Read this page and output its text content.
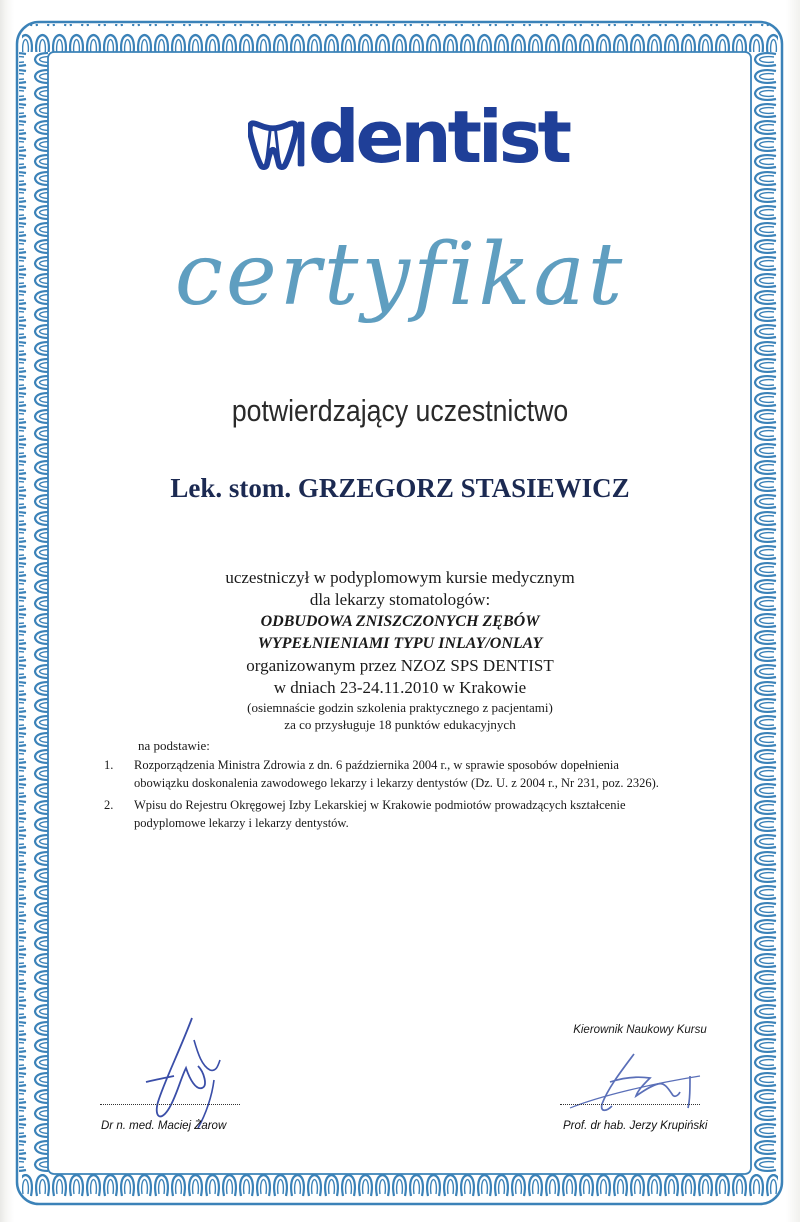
dentist
certyfikat
potwierdzający uczestnictwo
Lek. stom. GRZEGORZ STASIEWICZ
uczestniczył w podyplomowym kursie medycznym
dla lekarzy stomatologów:
ODBUDOWA ZNISZCZONYCH ZĘBÓW
WYPEŁNIENIAMI TYPU INLAY/ONLAY
organizowanym przez NZOZ SPS DENTIST
w dniach 23-24.11.2010 w Krakowie
(osiemnaście godzin szkolenia praktycznego z pacjentami)
za co przysługuje 18 punktów edukacyjnych
na podstawie:
1.	Rozporządzenia Ministra Zdrowia z dn. 6 października 2004 r., w sprawie sposobów dopełnienia obowiązku doskonalenia zawodowego lekarzy i lekarzy dentystów (Dz. U. z 2004 r., Nr 231, poz. 2326).
2.	Wpisu do Rejestru Okręgowej Izby Lekarskiej w Krakowie podmiotów prowadzących kształcenie podyplomowe lekarzy i lekarzy dentystów.
Dr n. med. Maciej Żarow
Kierownik Naukowy Kursu
Prof. dr hab. Jerzy Krupiński
